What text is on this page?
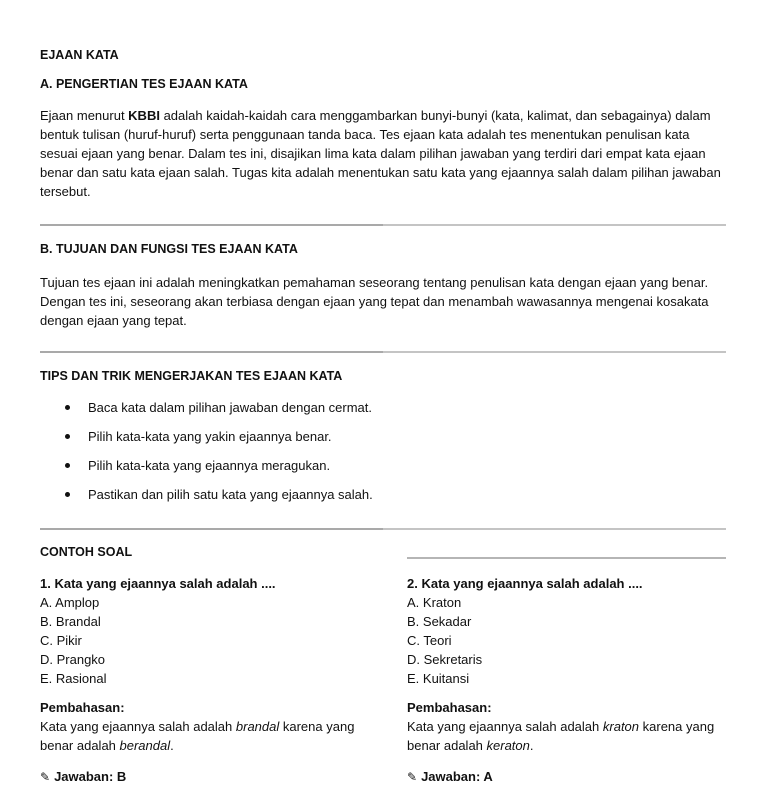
EJAAN KATA
A. PENGERTIAN TES EJAAN KATA
Ejaan menurut KBBI adalah kaidah-kaidah cara menggambarkan bunyi-bunyi (kata, kalimat, dan sebagainya) dalam bentuk tulisan (huruf-huruf) serta penggunaan tanda baca. Tes ejaan kata adalah tes menentukan penulisan kata sesuai ejaan yang benar. Dalam tes ini, disajikan lima kata dalam pilihan jawaban yang terdiri dari empat kata ejaan benar dan satu kata ejaan salah. Tugas kita adalah menentukan satu kata yang ejaannya salah dalam pilihan jawaban tersebut.
B. TUJUAN DAN FUNGSI TES EJAAN KATA
Tujuan tes ejaan ini adalah meningkatkan pemahaman seseorang tentang penulisan kata dengan ejaan yang benar. Dengan tes ini, seseorang akan terbiasa dengan ejaan yang tepat dan menambah wawasannya mengenai kosakata dengan ejaan yang tepat.
TIPS DAN TRIK MENGERJAKAN TES EJAAN KATA
Baca kata dalam pilihan jawaban dengan cermat.
Pilih kata-kata yang yakin ejaannya benar.
Pilih kata-kata yang ejaannya meragukan.
Pastikan dan pilih satu kata yang ejaannya salah.
CONTOH SOAL
1. Kata yang ejaannya salah adalah ....
A. Amplop
B. Brandal
C. Pikir
D. Prangko
E. Rasional
Pembahasan:
Kata yang ejaannya salah adalah brandal karena yang benar adalah berandal.
✎ Jawaban: B
2. Kata yang ejaannya salah adalah ....
A. Kraton
B. Sekadar
C. Teori
D. Sekretaris
E. Kuitansi
Pembahasan:
Kata yang ejaannya salah adalah kraton karena yang benar adalah keraton.
✎ Jawaban: A
